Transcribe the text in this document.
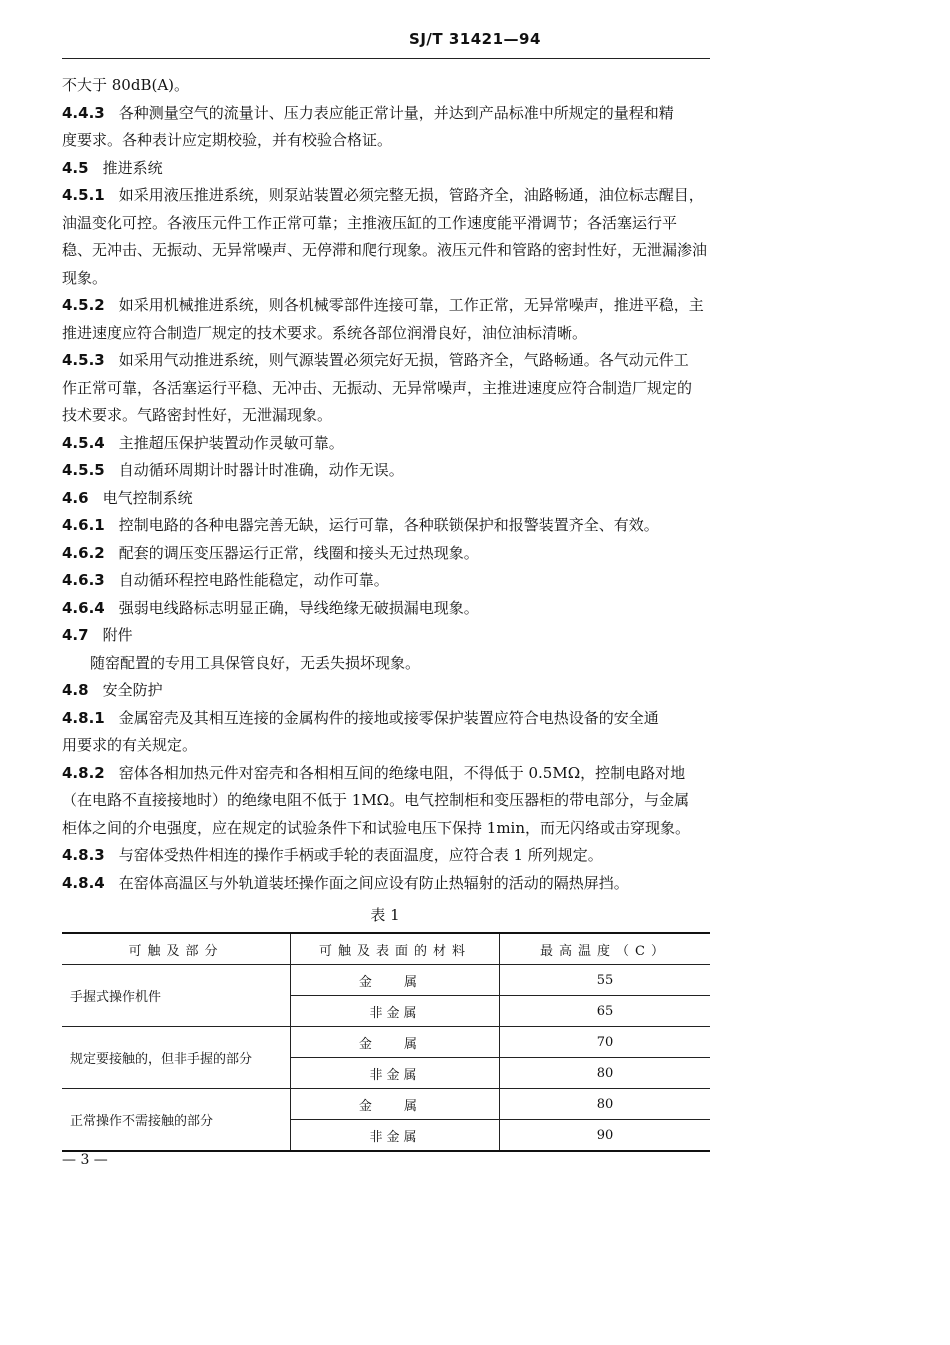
SJ/T 31421—94
不大于 80dB(A)。
4.4.3 各种测量空气的流量计、压力表应能正常计量，并达到产品标准中所规定的量程和精
度要求。各种表计应定期校验，并有校验合格证。
4.5 推进系统
4.5.1 如采用液压推进系统，则泵站装置必须完整无损，管路齐全，油路畅通，油位标志醒目，
油温变化可控。各液压元件工作正常可靠；主推液压缸的工作速度能平滑调节；各活塞运行平
稳、无冲击、无振动、无异常噪声、无停滞和爬行现象。液压元件和管路的密封性好，无泄漏渗油
现象。
4.5.2 如采用机械推进系统，则各机械零部件连接可靠，工作正常，无异常噪声，推进平稳，主
推进速度应符合制造厂规定的技术要求。系统各部位润滑良好，油位油标清晰。
4.5.3 如采用气动推进系统，则气源装置必须完好无损，管路齐全，气路畅通。各气动元件工
作正常可靠，各活塞运行平稳、无冲击、无振动、无异常噪声，主推进速度应符合制造厂规定的
技术要求。气路密封性好，无泄漏现象。
4.5.4 主推超压保护装置动作灵敏可靠。
4.5.5 自动循环周期计时器计时准确，动作无误。
4.6 电气控制系统
4.6.1 控制电路的各种电器完善无缺，运行可靠，各种联锁保护和报警装置齐全、有效。
4.6.2 配套的调压变压器运行正常，线圈和接头无过热现象。
4.6.3 自动循环程控电路性能稳定，动作可靠。
4.6.4 强弱电线路标志明显正确，导线绝缘无破损漏电现象。
4.7 附件
随窑配置的专用工具保管良好，无丢失损坏现象。
4.8 安全防护
4.8.1 金属窑壳及其相互连接的金属构件的接地或接零保护装置应符合电热设备的安全通
用要求的有关规定。
4.8.2 窑体各相加热元件对窑壳和各相相互间的绝缘电阻，不得低于 0.5MΩ，控制电路对地
（在电路不直接接地时）的绝缘电阻不低于 1MΩ。电气控制柜和变压器柜的带电部分，与金属
柜体之间的介电强度，应在规定的试验条件下和试验电压下保持 1min，而无闪络或击穿现象。
4.8.3 与窑体受热件相连的操作手柄或手轮的表面温度，应符合表 1 所列规定。
4.8.4 在窑体高温区与外轨道装坯操作面之间应设有防止热辐射的活动的隔热屏挡。
表 1
可触及部分	可触及表面的材料	最高温度（C）
手握式操作机件	金 属	55
	非金属	65
规定要接触的，但非手握的部分	金 属	70
	非金属	80
正常操作不需接触的部分	金 属	80
	非金属	90
— 3 —
